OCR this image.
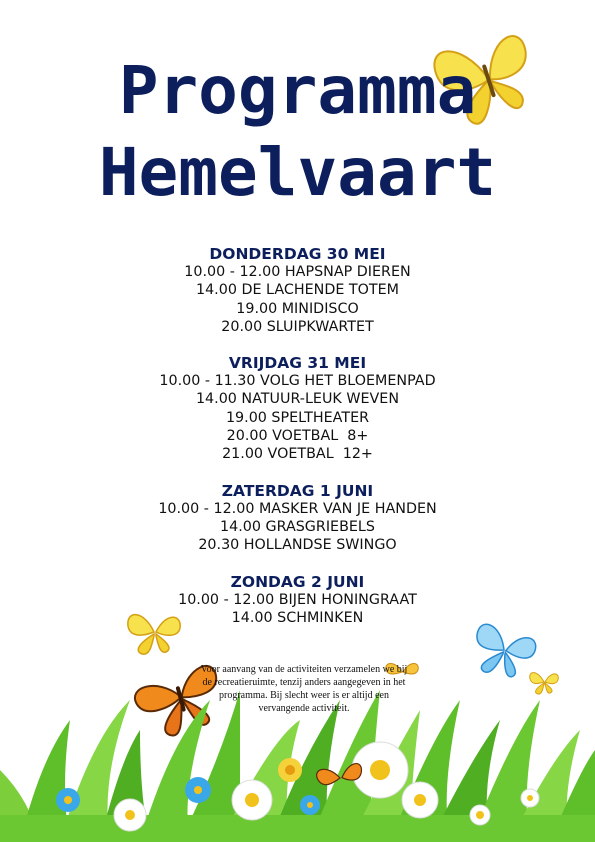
Programma
Hemelvaart
DONDERDAG 30 MEI
10.00 - 12.00 HAPSNAP DIEREN
14.00 DE LACHENDE TOTEM
19.00 MINIDISCO
20.00 SLUIPKWARTET
VRIJDAG 31 MEI
10.00 - 11.30 VOLG HET BLOEMENPAD
14.00 NATUUR-LEUK WEVEN
19.00 SPELTHEATER
20.00 VOETBAL  8+
21.00 VOETBAL  12+
ZATERDAG 1 JUNI
10.00 - 12.00 MASKER VAN JE HANDEN
14.00 GRASGRIEBELS
20.30 HOLLANDSE SWINGO
ZONDAG 2 JUNI
10.00 - 12.00 BIJEN HONINGRAAT
14.00 SCHMINKEN
Voor aanvang van de activiteiten verzamelen we bij
de recreatieruimte, tenzij anders aangegeven in het
programma. Bij slecht weer is er altijd een
vervangende activiteit.
